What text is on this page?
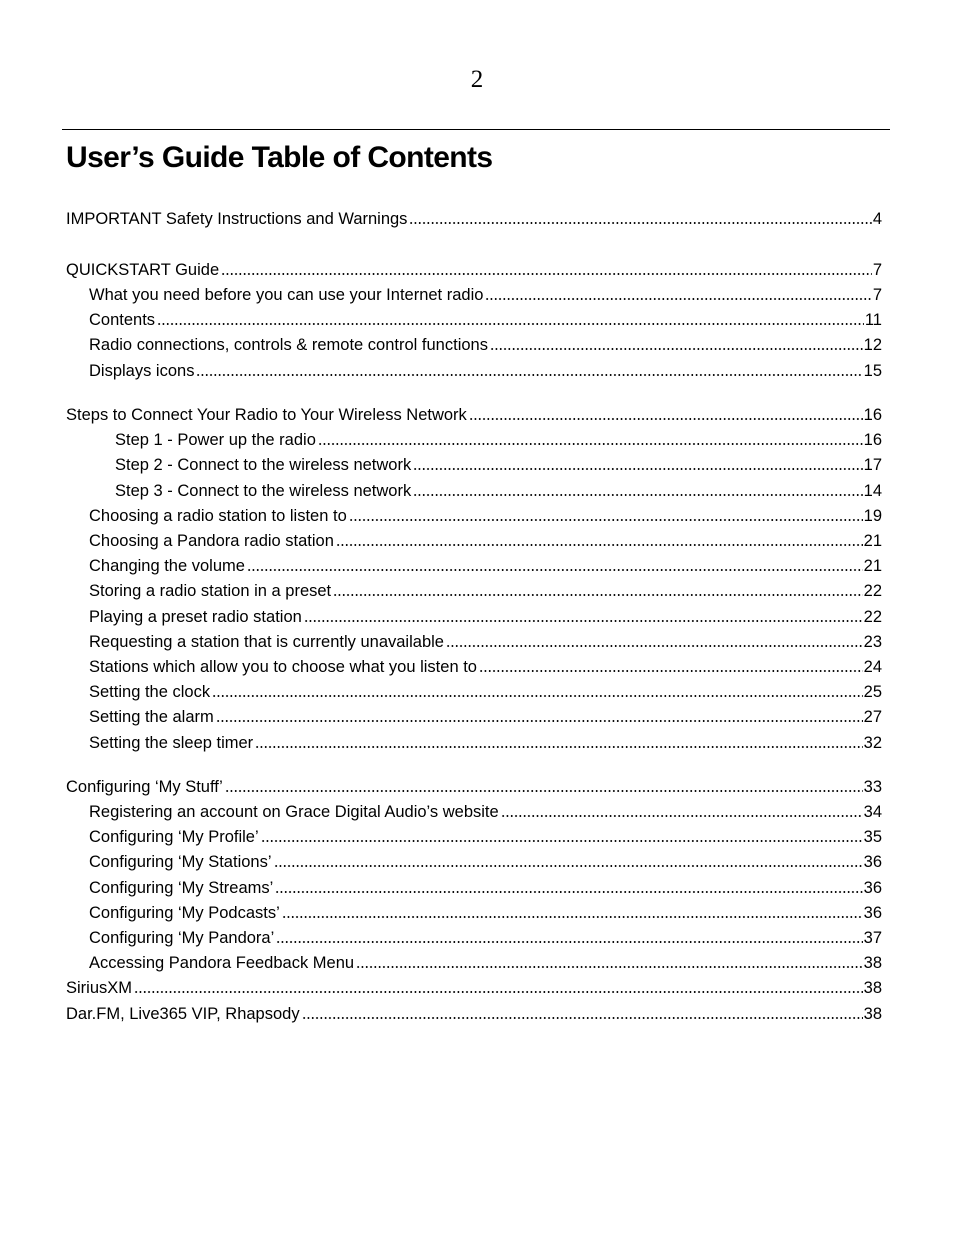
2
User’s Guide Table of Contents
IMPORTANT Safety Instructions and Warnings	4
QUICKSTART Guide	7
What you need before you can use your Internet radio	7
Contents	11
Radio connections, controls & remote control functions	12
Displays icons	15
Steps to Connect Your Radio to Your Wireless Network	16
Step 1 - Power up the radio	16
Step 2 - Connect to the wireless network	17
Step 3 - Connect to the wireless network	14
Choosing a radio station to listen to	19
Choosing a Pandora radio station	21
Changing the volume	21
Storing a radio station in a preset	22
Playing a preset radio station	22
Requesting a station that is currently unavailable	23
Stations which allow you to choose what you listen to	24
Setting the clock	25
Setting the alarm	27
Setting the sleep timer	32
Configuring ‘My Stuff’	33
Registering an account on Grace Digital Audio’s website	34
Configuring ‘My Profile’	35
Configuring ‘My Stations’	36
Configuring ‘My Streams’	36
Configuring ‘My Podcasts’	36
Configuring ‘My Pandora’	37
Accessing Pandora Feedback Menu	38
SiriusXM	38
Dar.FM, Live365 VIP, Rhapsody	38
